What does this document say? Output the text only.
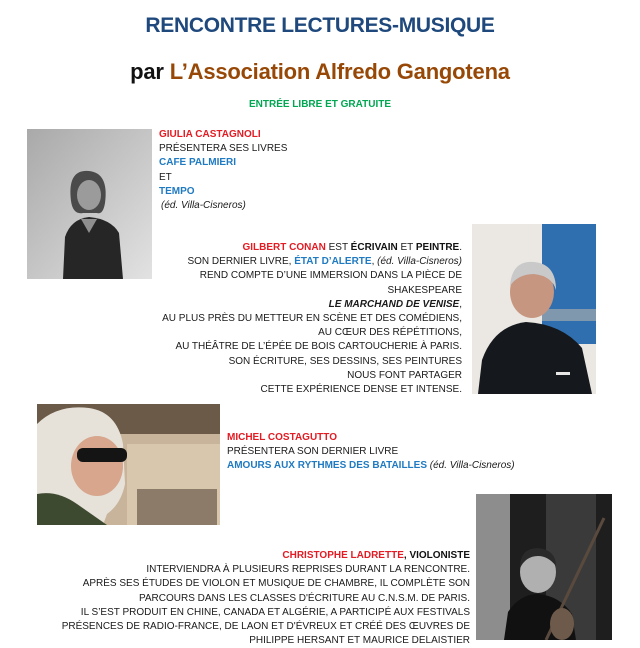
RENCONTRE LECTURES-MUSIQUE
par L’Association Alfredo Gangotena
ENTRÉE LIBRE ET GRATUITE
GIULIA CASTAGNOLI
PRÉSENTERA SES LIVRES
CAFE PALMIERI
ET
TEMPO
(éd. Villa-Cisneros)
GILBERT CONAN EST ÉCRIVAIN ET PEINTRE.
SON DERNIER LIVRE, ÉTAT D’ALERTE, (éd. Villa-Cisneros)
REND COMPTE D’UNE IMMERSION DANS LA PIÈCE DE
SHAKESPEARE
LE MARCHAND DE VENISE,
AU PLUS PRÈS DU METTEUR EN SCÈNE ET DES COMÉDIENS,
AU CŒUR DES RÉPÉTITIONS,
AU THÉÂTRE DE L’ÉPÉE DE BOIS CARTOUCHERIE À PARIS.
SON ÉCRITURE, SES DESSINS, SES PEINTURES
NOUS FONT PARTAGER
CETTE EXPÉRIENCE DENSE ET INTENSE.
MICHEL COSTAGUTTO
PRÉSENTERA SON DERNIER LIVRE
AMOURS AUX RYTHMES DES BATAILLES (éd. Villa-Cisneros)
CHRISTOPHE LADRETTE, VIOLONISTE
INTERVIENDRA À PLUSIEURS REPRISES DURANT LA RENCONTRE.
APRÈS SES ÉTUDES DE VIOLON ET MUSIQUE DE CHAMBRE, IL COMPLÈTE SON
PARCOURS DANS LES CLASSES D'ÉCRITURE AU C.N.S.M. DE PARIS.
IL S’EST PRODUIT EN CHINE, CANADA ET ALGÉRIE, A PARTICIPÉ AUX FESTIVALS
PRÉSENCES DE RADIO-FRANCE, DE LAON ET D'ÉVREUX ET CRÉÉ DES ŒUVRES DE
PHILIPPE HERSANT ET MAURICE DELAISTIER
